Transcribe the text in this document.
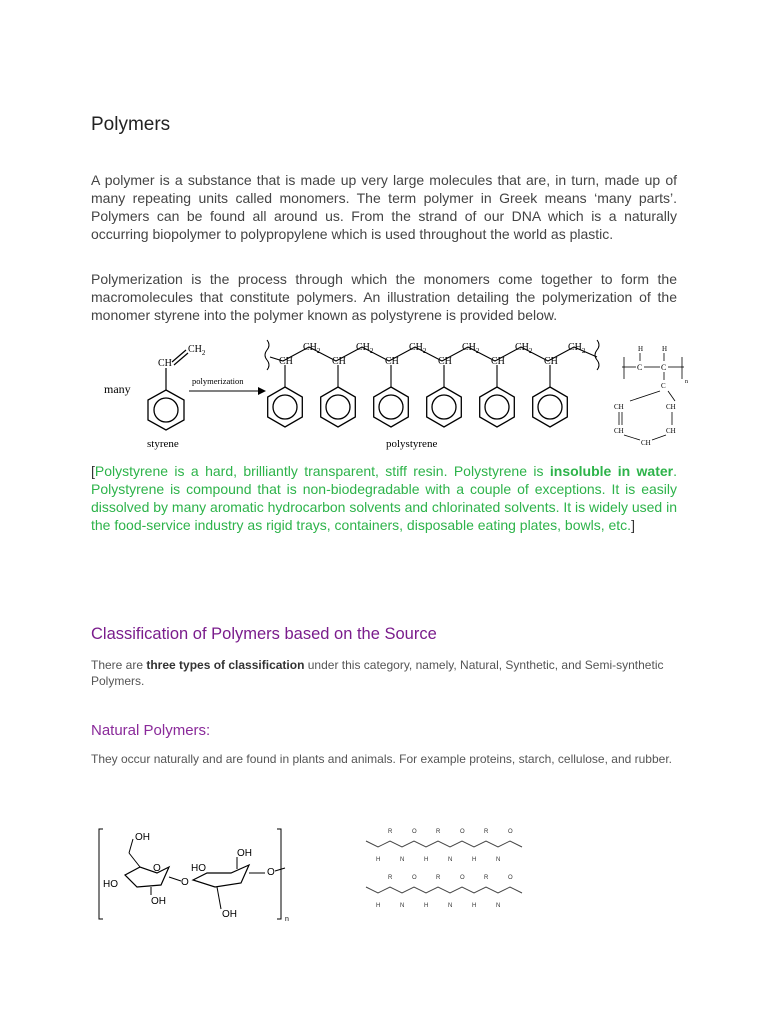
Polymers

A polymer is a substance that is made up very large molecules that are, in turn, made up of many repeating units called monomers. The term polymer in Greek means ‘many parts’. Polymers can be found all around us. From the strand of our DNA which is a naturally occurring biopolymer to polypropylene which is used throughout the world as plastic.

Polymerization is the process through which the monomers come together to form the macromolecules that constitute polymers. An illustration detailing the polymerization of the monomer styrene into the polymer known as polystyrene is provided below.

CH
$CH_2$
many
styrene
polymerization
CH
$CH_2$
CH
$CH_2$
CH
$CH_2$
CH
$CH_2$
CH
$CH_2$
CH
$CH_2$
polystyrene
H	H
C C
n
C
CH	CH
CH	CH
CH

[Polystyrene is a hard, brilliantly transparent, stiff resin. Polystyrene is insoluble in water. Polystyrene is compound that is non-biodegradable with a couple of exceptions. It is easily dissolved by many aromatic hydrocarbon solvents and chlorinated solvents. It is widely used in the food-service industry as rigid trays, containers, disposable eating plates, bowls, etc.]

Classification of Polymers based on the Source

There are three types of classification under this category, namely, Natural, Synthetic, and Semi-synthetic Polymers.

Natural Polymers:

They occur naturally and are found in plants and animals. For example proteins, starch, cellulose, and rubber.

n
OH
O
HO
OH
O
HO
OH
O
OH
H
R
N
O
H
R
N
O
H
R
N
O
H
R
N
O
H
R
N
O
H
R
N
O
